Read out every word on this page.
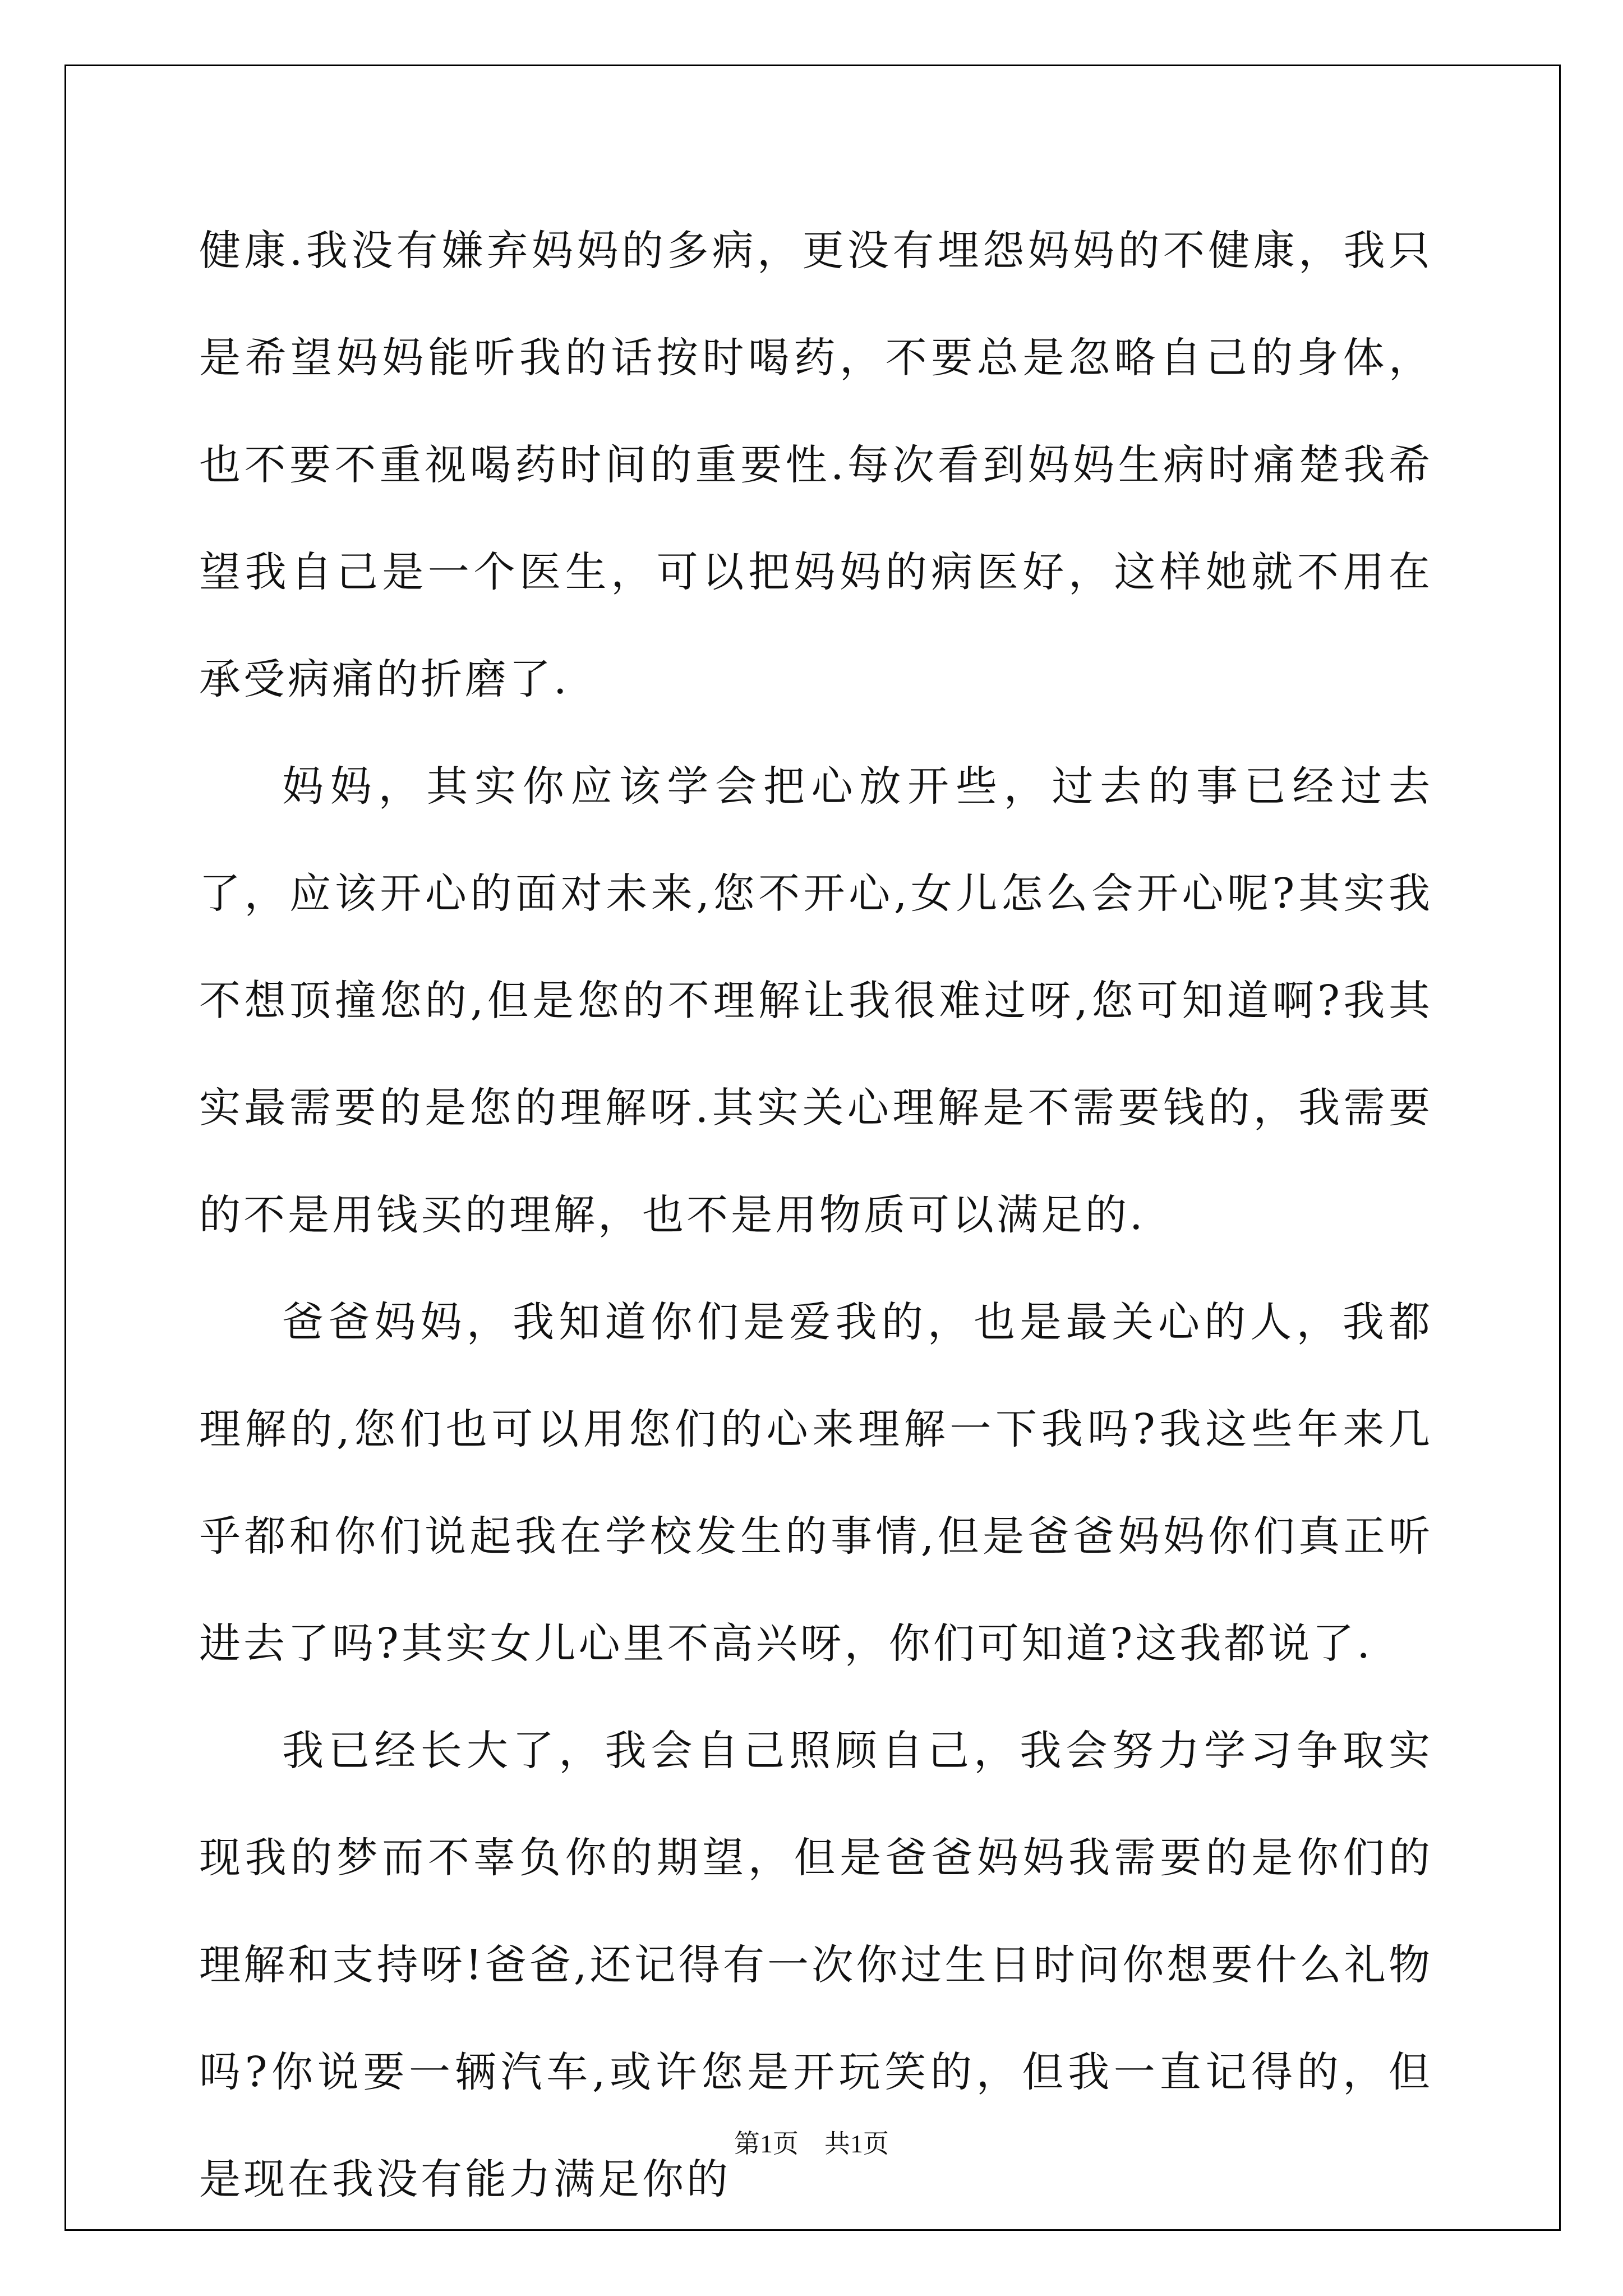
健康.我没有嫌弃妈妈的多病，更没有埋怨妈妈的不健康，我只是希望妈妈能听我的话按时喝药，不要总是忽略自己的身体，也不要不重视喝药时间的重要性.每次看到妈妈生病时痛楚我希望我自己是一个医生，可以把妈妈的病医好，这样她就不用在承受病痛的折磨了.

妈妈，其实你应该学会把心放开些，过去的事已经过去了，应该开心的面对未来,您不开心,女儿怎么会开心呢?其实我不想顶撞您的,但是您的不理解让我很难过呀,您可知道啊?我其实最需要的是您的理解呀.其实关心理解是不需要钱的，我需要的不是用钱买的理解，也不是用物质可以满足的.

爸爸妈妈，我知道你们是爱我的，也是最关心的人，我都理解的,您们也可以用您们的心来理解一下我吗?我这些年来几乎都和你们说起我在学校发生的事情,但是爸爸妈妈你们真正听进去了吗?其实女儿心里不高兴呀，你们可知道?这我都说了.

我已经长大了，我会自己照顾自己，我会努力学习争取实现我的梦而不辜负你的期望，但是爸爸妈妈我需要的是你们的理解和支持呀!爸爸,还记得有一次你过生日时问你想要什么礼物吗?你说要一辆汽车,或许您是开玩笑的，但我一直记得的，但是现在我没有能力满足你的

第1页　共1页
